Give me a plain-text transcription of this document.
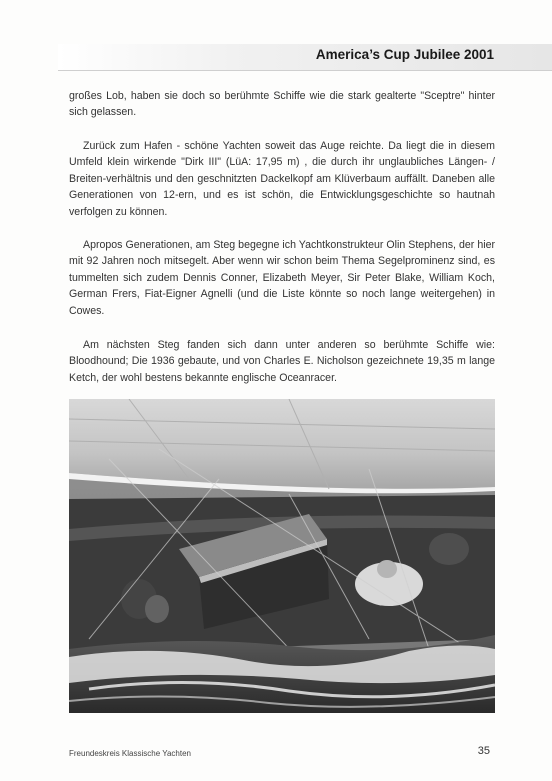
America’s Cup Jubilee 2001

großes Lob, haben sie doch so berühmte Schiffe wie die stark gealterte "Sceptre" hinter sich gelassen.

Zurück zum Hafen - schöne Yachten soweit das Auge reichte. Da liegt die in diesem Umfeld klein wirkende "Dirk III" (LüA: 17,95 m) , die durch ihr unglaubliches Längen- / Breiten-verhältnis und den geschnitzten Dackelkopf am Klüverbaum auffällt. Daneben alle Generationen von 12-ern, und es ist schön, die Entwicklungsgeschichte so hautnah verfolgen zu können.

Apropos Generationen, am Steg begegne ich Yachtkonstrukteur Olin Stephens, der hier mit 92 Jahren noch mitsegelt. Aber wenn wir schon beim Thema Segelprominenz sind, es tummelten sich zudem Dennis Conner, Elizabeth Meyer, Sir Peter Blake, William Koch, German Frers, Fiat-Eigner Agnelli (und die Liste könnte so noch lange weitergehen) in Cowes.

Am nächsten Steg fanden sich dann unter anderen so berühmte Schiffe wie: Bloodhound; Die 1936 gebaute, und von Charles E. Nicholson gezeichnete 19,35 m lange Ketch, der wohl bestens bekannte englische Oceanracer.

Freundeskreis Klassische Yachten	35
